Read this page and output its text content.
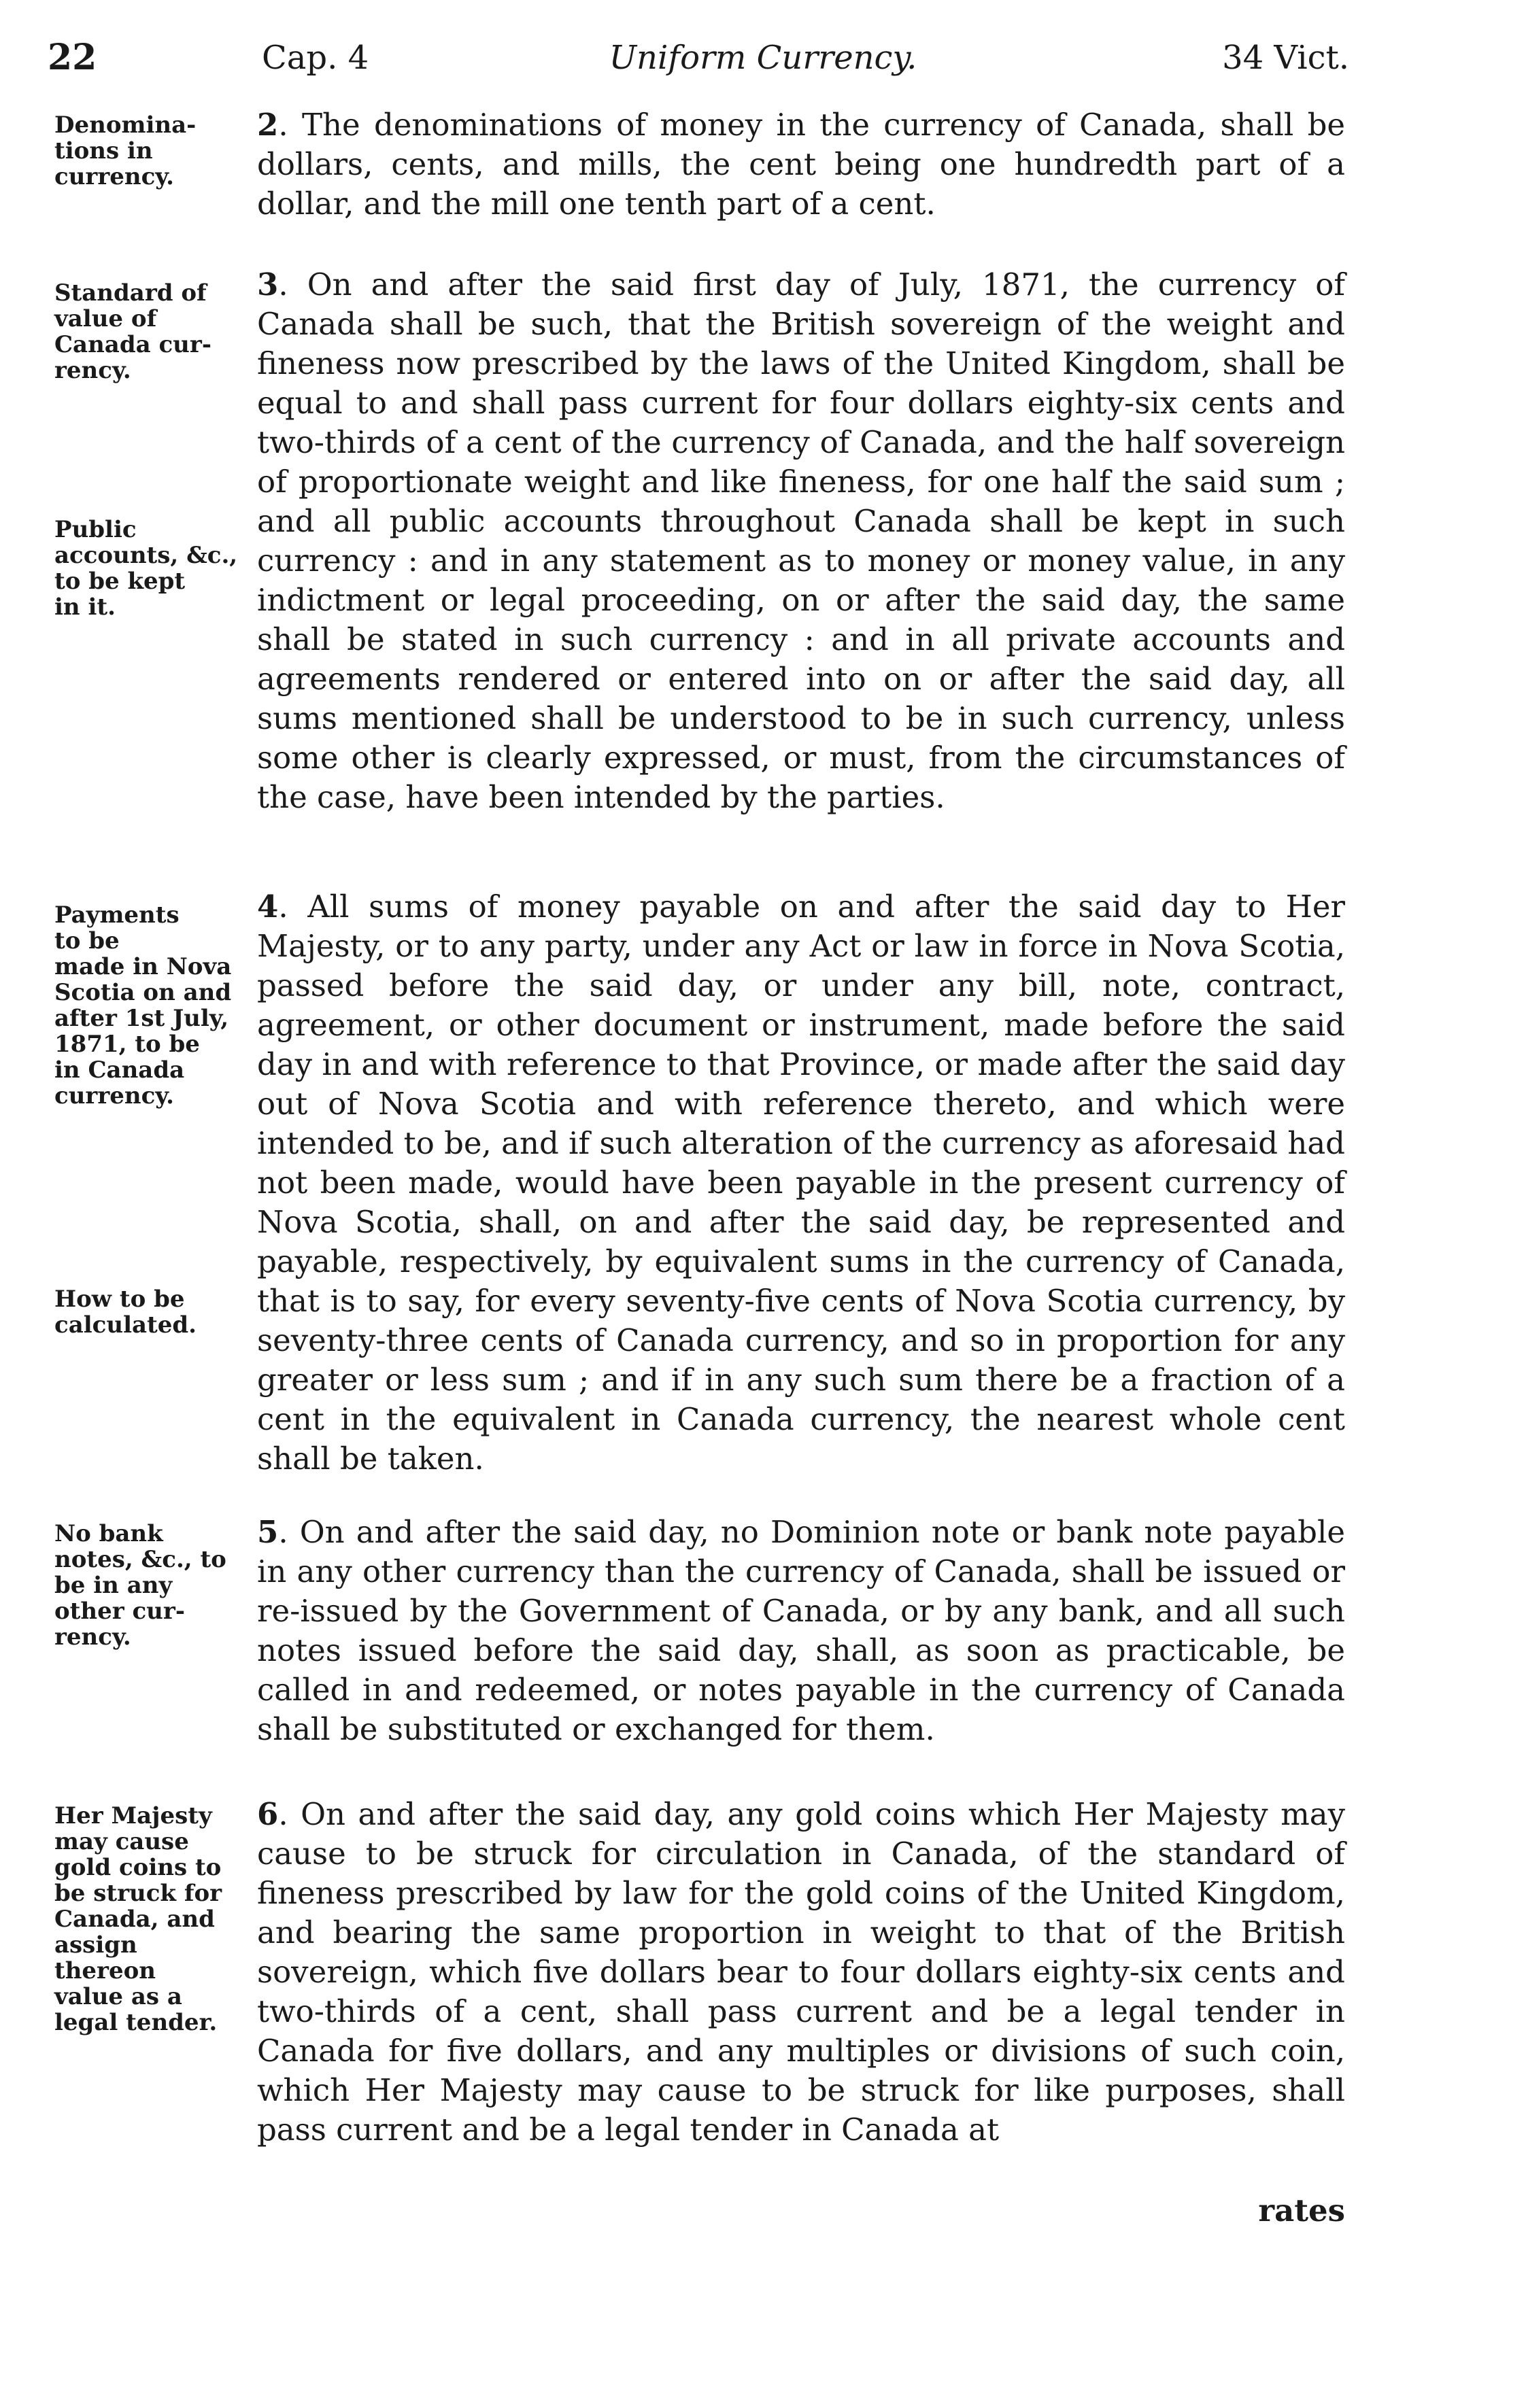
22	Cap. 4	Uniform Currency.	34 Vict.
Denomina-
tions in
currency.
2. The denominations of money in the currency of Canada, shall be dollars, cents, and mills, the cent being one hundredth part of a dollar, and the mill one tenth part of a cent.
Standard of
value of
Canada cur-
rency.
Public
accounts, &c.,
to be kept
in it.
3. On and after the said first day of July, 1871, the currency of Canada shall be such, that the British sovereign of the weight and fineness now prescribed by the laws of the United Kingdom, shall be equal to and shall pass current for four dollars eighty-six cents and two-thirds of a cent of the currency of Canada, and the half sovereign of proportionate weight and like fineness, for one half the said sum ; and all public accounts throughout Canada shall be kept in such currency : and in any statement as to money or money value, in any indictment or legal proceeding, on or after the said day, the same shall be stated in such currency : and in all private accounts and agreements rendered or entered into on or after the said day, all sums mentioned shall be understood to be in such currency, unless some other is clearly expressed, or must, from the circumstances of the case, have been intended by the parties.
Payments
to be
made in Nova
Scotia on and
after 1st July,
1871, to be
in Canada
currency.
How to be
calculated.
4. All sums of money payable on and after the said day to Her Majesty, or to any party, under any Act or law in force in Nova Scotia, passed before the said day, or under any bill, note, contract, agreement, or other document or instrument, made before the said day in and with reference to that Province, or made after the said day out of Nova Scotia and with reference thereto, and which were intended to be, and if such alteration of the currency as aforesaid had not been made, would have been payable in the present currency of Nova Scotia, shall, on and after the said day, be represented and payable, respectively, by equivalent sums in the currency of Canada, that is to say, for every seventy-five cents of Nova Scotia currency, by seventy-three cents of Canada currency, and so in proportion for any greater or less sum ; and if in any such sum there be a fraction of a cent in the equivalent in Canada currency, the nearest whole cent shall be taken.
No bank
notes, &c., to
be in any
other cur-
rency.
5. On and after the said day, no Dominion note or bank note payable in any other currency than the currency of Canada, shall be issued or re-issued by the Government of Canada, or by any bank, and all such notes issued before the said day, shall, as soon as practicable, be called in and redeemed, or notes payable in the currency of Canada shall be substituted or exchanged for them.
Her Majesty
may cause
gold coins to
be struck for
Canada, and
assign thereon
value as a
legal tender.
6. On and after the said day, any gold coins which Her Majesty may cause to be struck for circulation in Canada, of the standard of fineness prescribed by law for the gold coins of the United Kingdom, and bearing the same proportion in weight to that of the British sovereign, which five dollars bear to four dollars eighty-six cents and two-thirds of a cent, shall pass current and be a legal tender in Canada for five dollars, and any multiples or divisions of such coin, which Her Majesty may cause to be struck for like purposes, shall pass current and be a legal tender in Canada at
rates
